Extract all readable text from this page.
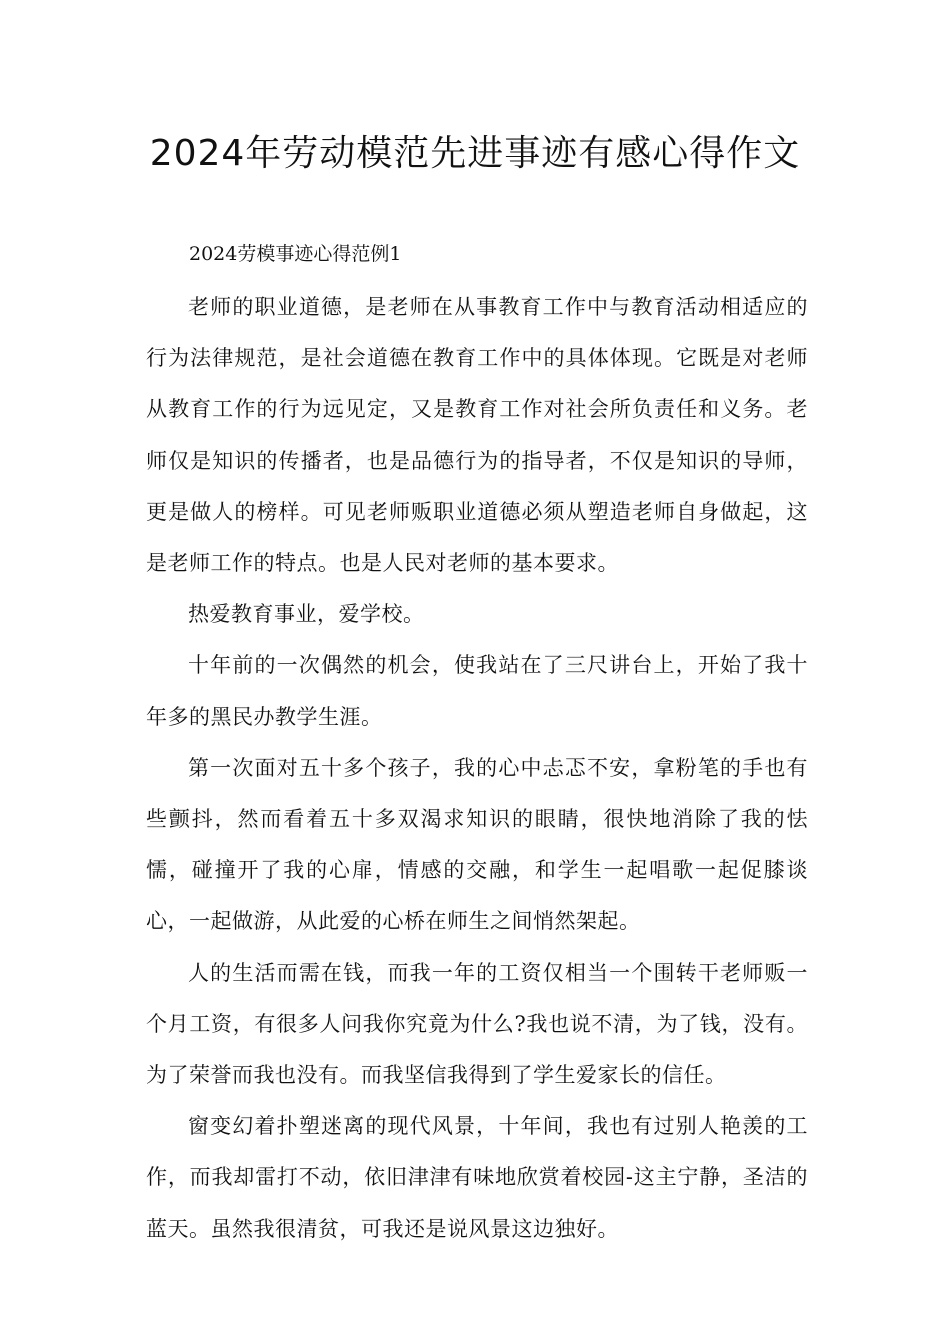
2024年劳动模范先进事迹有感心得作文

2024劳模事迹心得范例1

老师的职业道德，是老师在从事教育工作中与教育活动相适应的行为法律规范，是社会道德在教育工作中的具体体现。它既是对老师从教育工作的行为远见定，又是教育工作对社会所负责任和义务。老师仅是知识的传播者，也是品德行为的指导者，不仅是知识的导师，更是做人的榜样。可见老师贩职业道德必须从塑造老师自身做起，这是老师工作的特点。也是人民对老师的基本要求。

热爱教育事业，爱学校。

十年前的一次偶然的机会，使我站在了三尺讲台上，开始了我十年多的黑民办教学生涯。

第一次面对五十多个孩子，我的心中忐忑不安，拿粉笔的手也有些颤抖，然而看着五十多双渴求知识的眼睛，很快地消除了我的怯懦，碰撞开了我的心扉，情感的交融，和学生一起唱歌一起促膝谈心，一起做游，从此爱的心桥在师生之间悄然架起。

人的生活而需在钱，而我一年的工资仅相当一个围转干老师贩一个月工资，有很多人问我你究竟为什么?我也说不清，为了钱，没有。为了荣誉而我也没有。而我坚信我得到了学生爱家长的信任。

窗变幻着扑塑迷离的现代风景，十年间，我也有过别人艳羡的工作，而我却雷打不动，依旧津津有味地欣赏着校园-这主宁静，圣洁的蓝天。虽然我很清贫，可我还是说风景这边独好。
